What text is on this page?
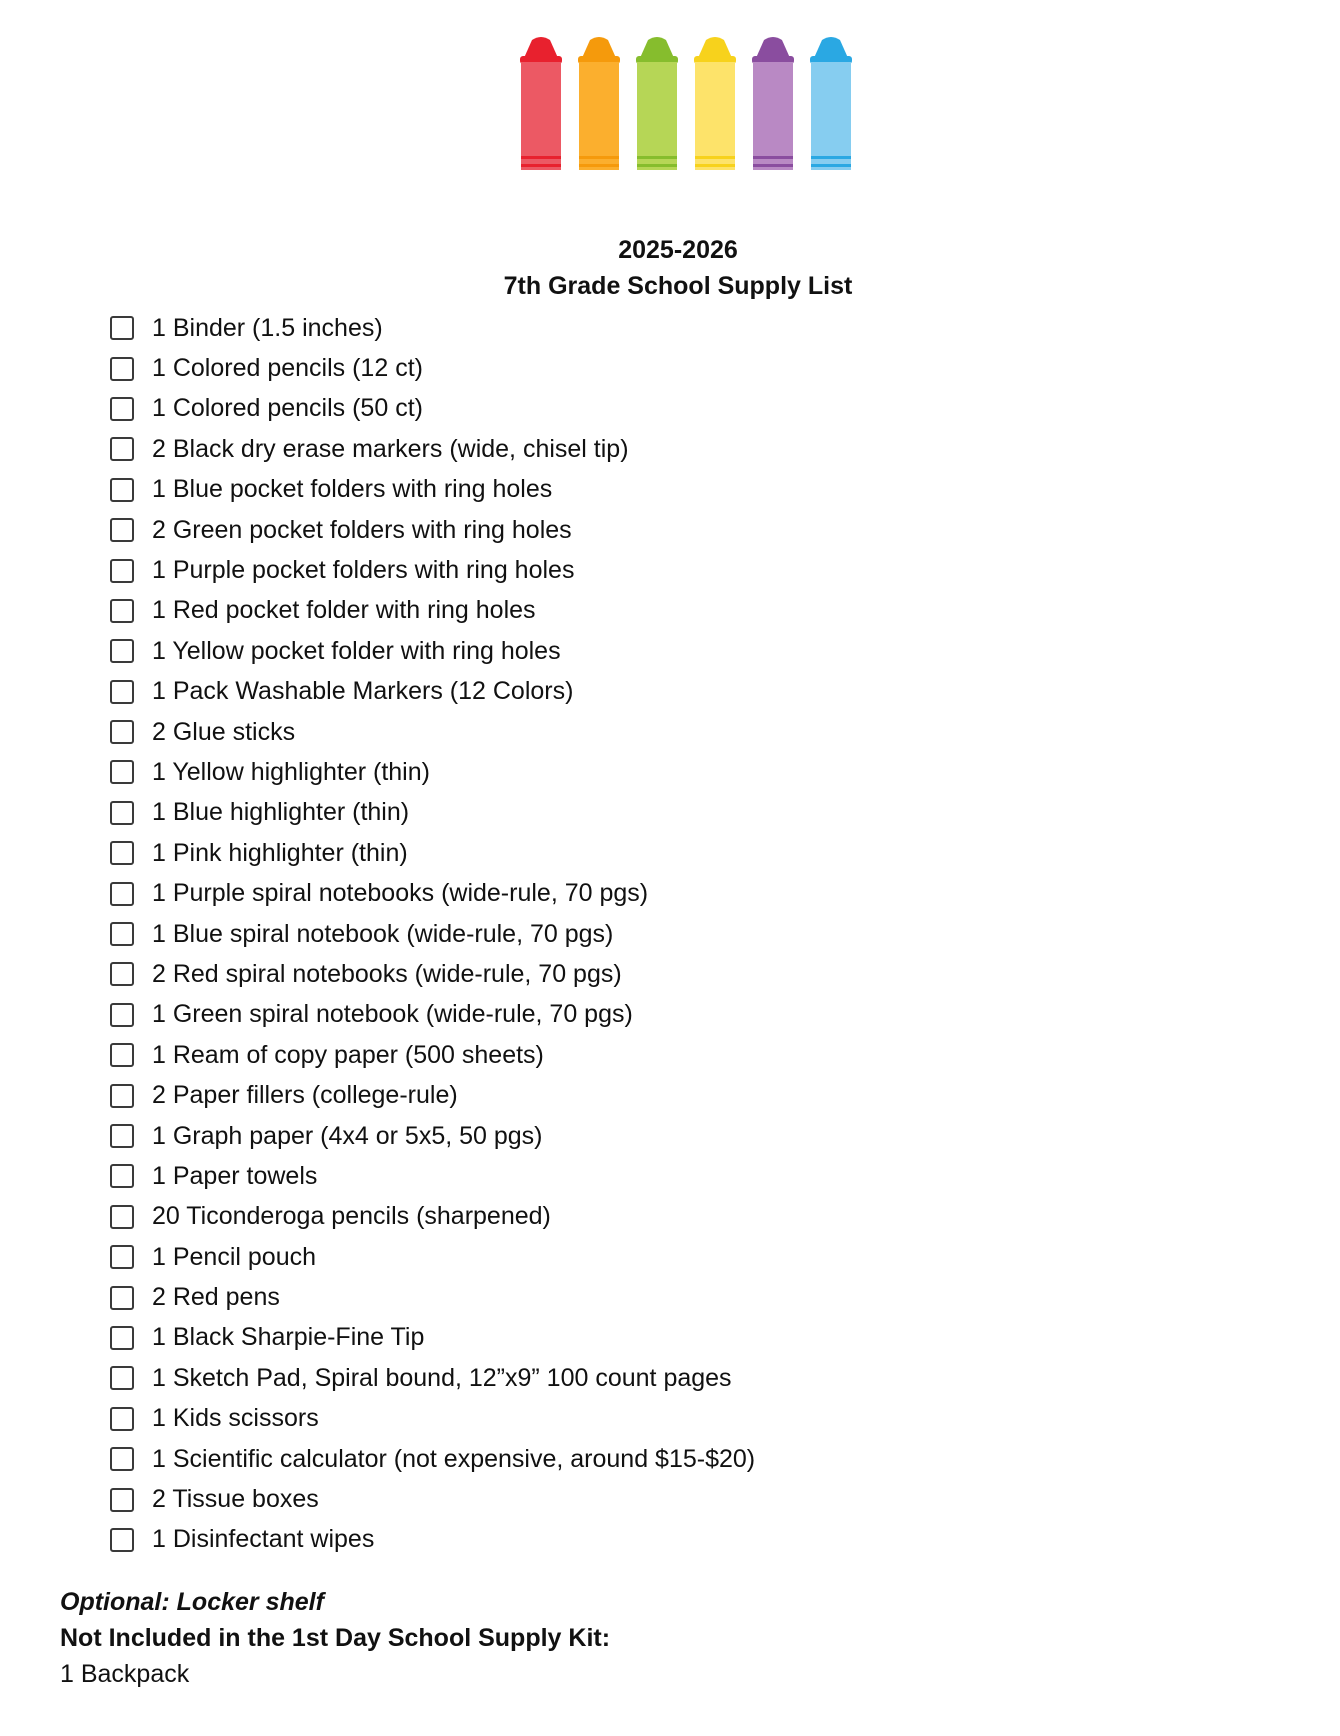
2025-2026
7th Grade School Supply List
1 Binder (1.5 inches)
1 Colored pencils (12 ct)
1 Colored pencils (50 ct)
2 Black dry erase markers (wide, chisel tip)
1 Blue pocket folders with ring holes
2 Green pocket folders with ring holes
1 Purple pocket folders with ring holes
1 Red pocket folder with ring holes
1 Yellow pocket folder with ring holes
1 Pack Washable Markers (12 Colors)
2 Glue sticks
1 Yellow highlighter (thin)
1 Blue highlighter (thin)
1 Pink highlighter (thin)
1 Purple spiral notebooks (wide-rule, 70 pgs)
1 Blue spiral notebook (wide-rule, 70 pgs)
2 Red spiral notebooks (wide-rule, 70 pgs)
1 Green spiral notebook (wide-rule, 70 pgs)
1 Ream of copy paper (500 sheets)
2 Paper fillers (college-rule)
1 Graph paper (4x4 or 5x5, 50 pgs)
1 Paper towels
20 Ticonderoga pencils (sharpened)
1 Pencil pouch
2 Red pens
1 Black Sharpie-Fine Tip
1 Sketch Pad, Spiral bound, 12”x9” 100 count pages
1 Kids scissors
1 Scientific calculator (not expensive, around $15-$20)
2 Tissue boxes
1 Disinfectant wipes
Optional: Locker shelf
Not Included in the 1st Day School Supply Kit:
1 Backpack
